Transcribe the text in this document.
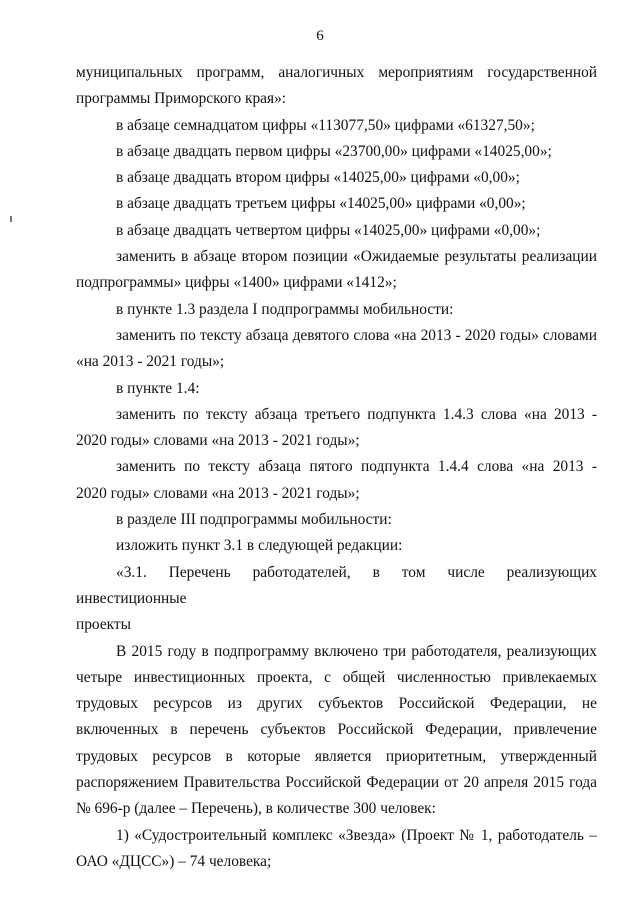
6
муниципальных программ, аналогичных мероприятиям государственной
программы Приморского края»:
в абзаце семнадцатом цифры «113077,50» цифрами «61327,50»;
в абзаце двадцать первом цифры «23700,00» цифрами «14025,00»;
в абзаце двадцать втором цифры «14025,00» цифрами «0,00»;
в абзаце двадцать третьем цифры «14025,00» цифрами «0,00»;
в абзаце двадцать четвертом цифры «14025,00» цифрами «0,00»;
заменить в абзаце втором позиции «Ожидаемые результаты реализации
подпрограммы» цифры «1400» цифрами «1412»;
в пункте 1.3 раздела I подпрограммы мобильности:
заменить по тексту абзаца девятого слова «на 2013 - 2020 годы» словами
«на 2013 - 2021 годы»;
в пункте 1.4:
заменить по тексту абзаца третьего подпункта 1.4.3 слова «на 2013 -
2020 годы» словами «на 2013 - 2021 годы»;
заменить по тексту абзаца пятого подпункта 1.4.4 слова «на 2013 -
2020 годы» словами «на 2013 - 2021 годы»;
в разделе III подпрограммы мобильности:
изложить пункт 3.1 в следующей редакции:
«3.1. Перечень работодателей, в том числе реализующих инвестиционные
проекты
В 2015 году в подпрограмму включено три работодателя, реализующих
четыре инвестиционных проекта, с общей численностью привлекаемых
трудовых ресурсов из других субъектов Российской Федерации, не
включенных в перечень субъектов Российской Федерации, привлечение
трудовых ресурсов в которые является приоритетным, утвержденный
распоряжением Правительства Российской Федерации от 20 апреля 2015 года
№ 696-р (далее – Перечень), в количестве 300 человек:
1) «Судостроительный комплекс «Звезда» (Проект № 1, работодатель –
ОАО «ДЦСС») – 74 человека;
